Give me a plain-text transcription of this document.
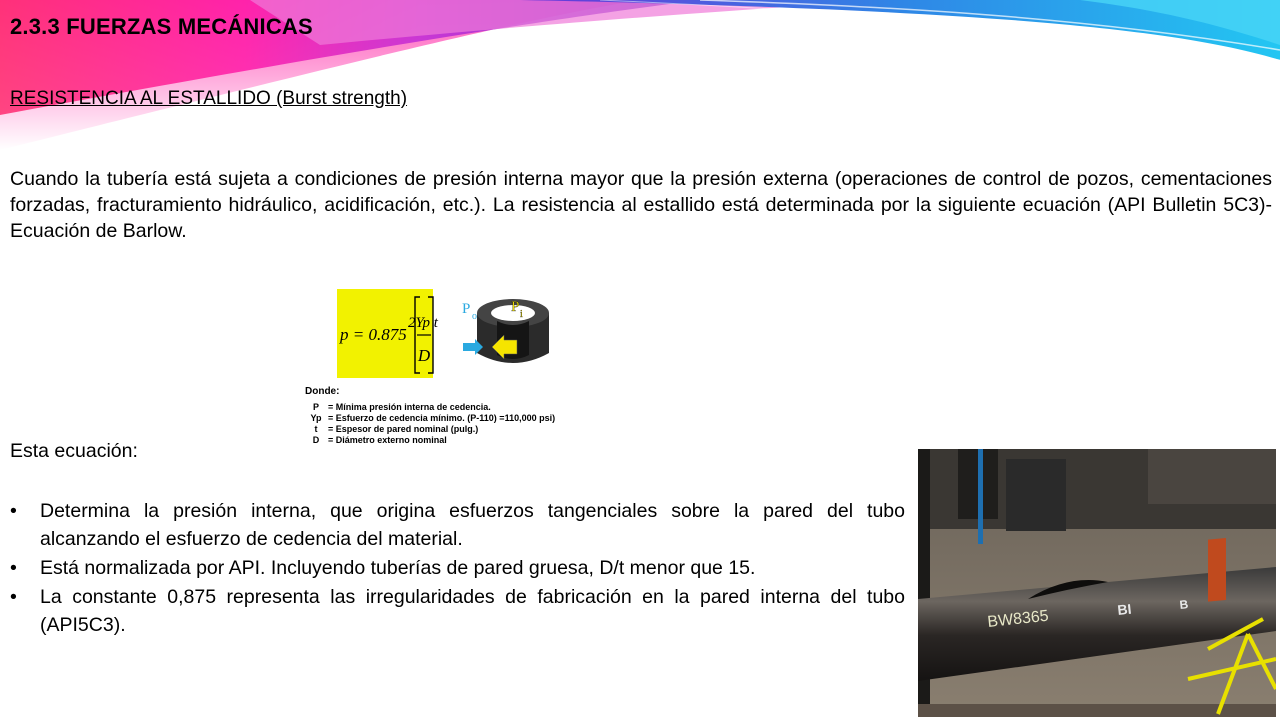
2.3.3 FUERZAS MECÁNICAS
RESISTENCIA AL ESTALLIDO (Burst strength)
Cuando la tubería está sujeta a condiciones de presión interna mayor que la presión externa (operaciones de control de pozos, cementaciones forzadas, fracturamiento hidráulico, acidificación, etc.). La resistencia al estallido está determinada por la siguiente ecuación (API Bulletin 5C3)-Ecuación de Barlow.
p = 0.875
2Yp t
D
P o
P i
Donde:
P	= Mínima presión interna de cedencia.
Yp = Esfuerzo de cedencia mínimo. (P-110) =110,000 psi)
t	= Espesor de pared nominal (pulg.)
D = Diámetro externo nominal
Esta ecuación:
•	Determina la presión interna, que origina esfuerzos tangenciales sobre la pared del tubo alcanzando el esfuerzo de cedencia del material.
•	Está normalizada por API. Incluyendo tuberías de pared gruesa, D/t menor que 15.
•	La constante 0,875 representa las irregularidades de fabricación en la pared interna del tubo (API5C3).	BW8365	BI	B
